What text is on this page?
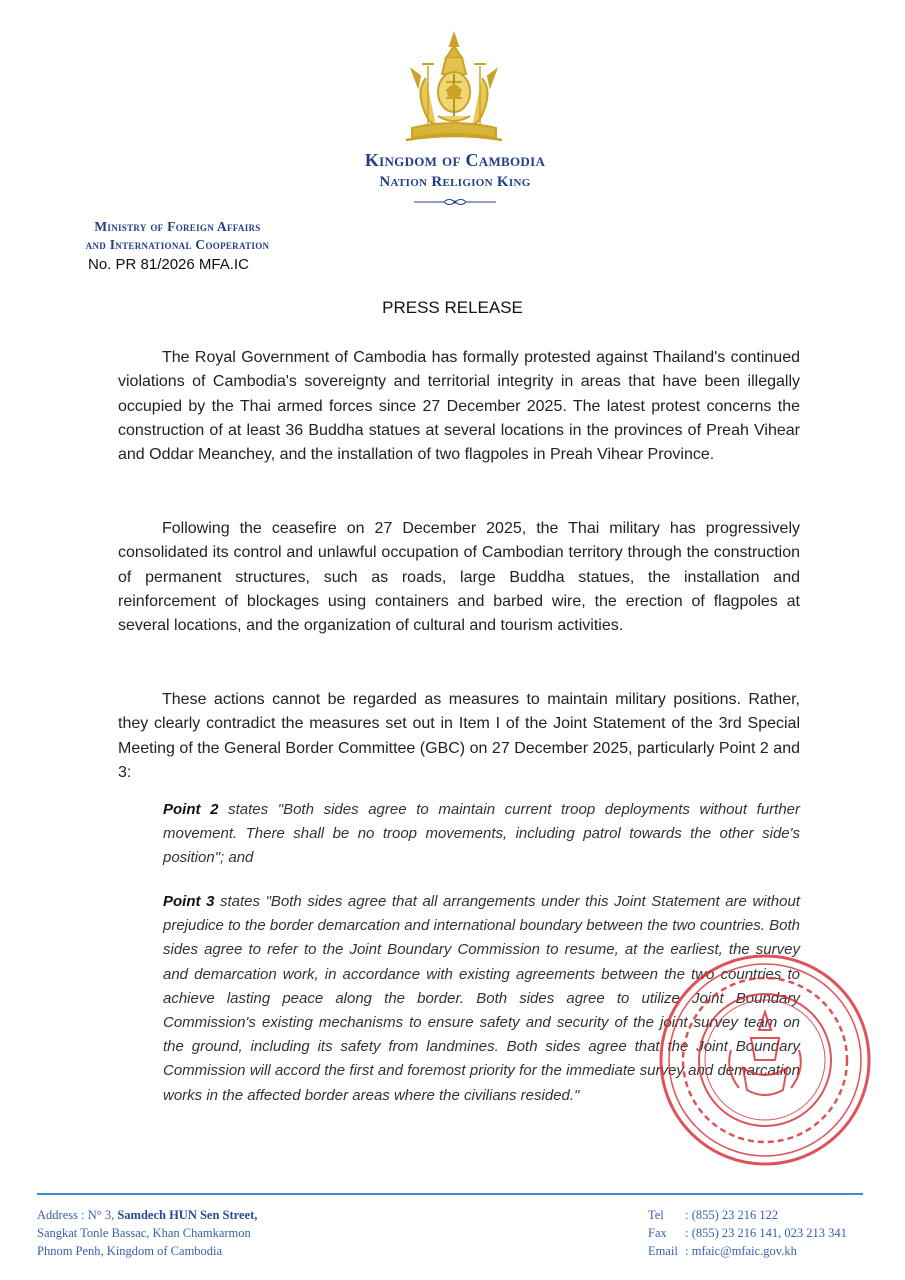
Kingdom of Cambodia
Nation Religion King
Ministry of Foreign Affairs
and International Cooperation
No. PR 81/2026 MFA.IC
PRESS RELEASE

The Royal Government of Cambodia has formally protested against Thailand's continued violations of Cambodia's sovereignty and territorial integrity in areas that have been illegally occupied by the Thai armed forces since 27 December 2025. The latest protest concerns the construction of at least 36 Buddha statues at several locations in the provinces of Preah Vihear and Oddar Meanchey, and the installation of two flagpoles in Preah Vihear Province.

Following the ceasefire on 27 December 2025, the Thai military has progressively consolidated its control and unlawful occupation of Cambodian territory through the construction of permanent structures, such as roads, large Buddha statues, the installation and reinforcement of blockages using containers and barbed wire, the erection of flagpoles at several locations, and the organization of cultural and tourism activities.

These actions cannot be regarded as measures to maintain military positions. Rather, they clearly contradict the measures set out in Item I of the Joint Statement of the 3rd Special Meeting of the General Border Committee (GBC) on 27 December 2025, particularly Point 2 and 3:

Point 2 states "Both sides agree to maintain current troop deployments without further movement. There shall be no troop movements, including patrol towards the other side's position"; and

Point 3 states "Both sides agree that all arrangements under this Joint Statement are without prejudice to the border demarcation and international boundary between the two countries. Both sides agree to refer to the Joint Boundary Commission to resume, at the earliest, the survey and demarcation work, in accordance with existing agreements between the two countries to achieve lasting peace along the border. Both sides agree to utilize Joint Boundary Commission's existing mechanisms to ensure safety and security of the joint survey team on the ground, including its safety from landmines. Both sides agree that the Joint Boundary Commission will accord the first and foremost priority for the immediate survey and demarcation works in the affected border areas where the civilians resided."

Address : N° 3, Samdech HUN Sen Street,
Sangkat Tonle Bassac, Khan Chamkarmon
Phnom Penh, Kingdom of Cambodia
Tel : (855) 23 216 122
Fax : (855) 23 216 141, 023 213 341
Email : mfaic@mfaic.gov.kh
